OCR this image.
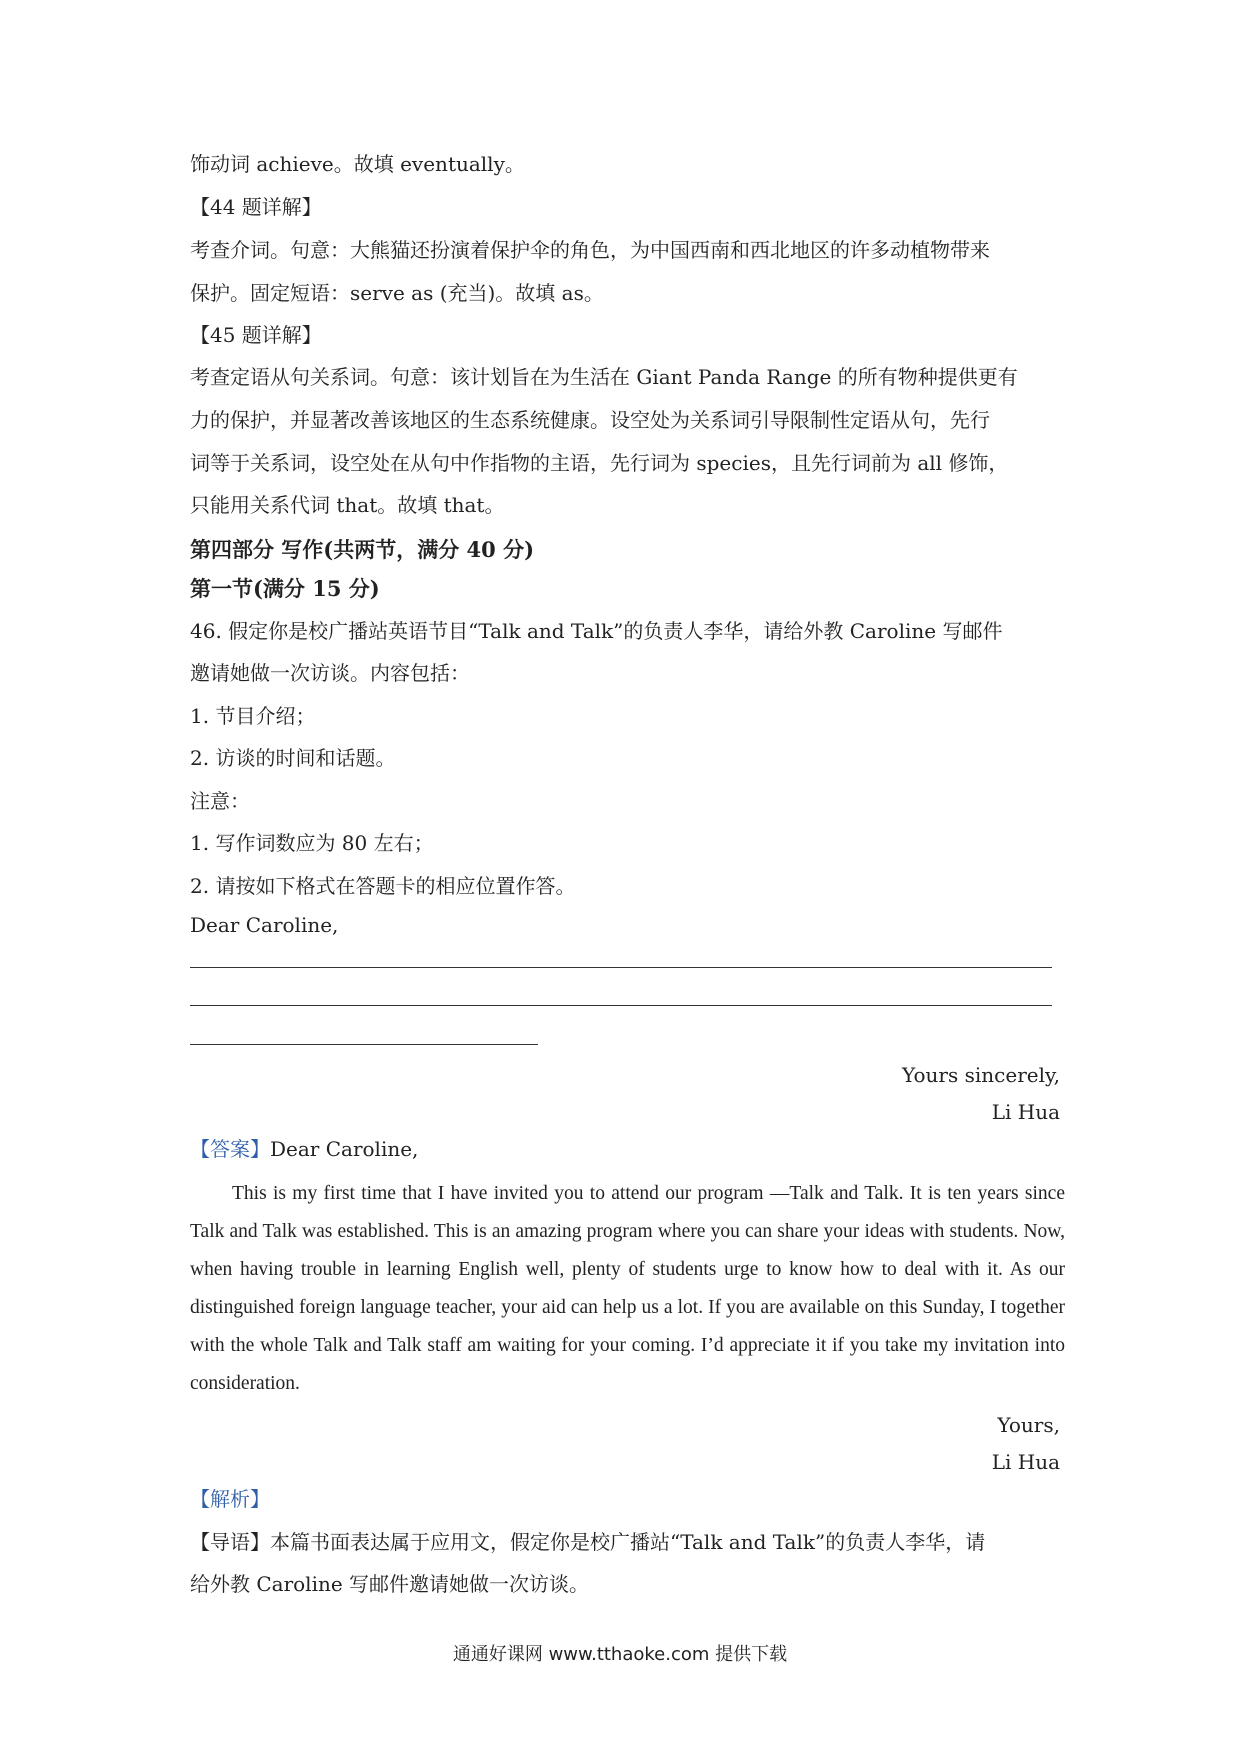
饰动词 achieve。故填 eventually。

【44 题详解】

考查介词。句意：大熊猫还扮演着保护伞的角色，为中国西南和西北地区的许多动植物带来

保护。固定短语：serve as (充当)。故填 as。

【45 题详解】

考查定语从句关系词。句意：该计划旨在为生活在 Giant Panda Range 的所有物种提供更有

力的保护，并显著改善该地区的生态系统健康。设空处为关系词引导限制性定语从句，先行

词等于关系词，设空处在从句中作指物的主语，先行词为 species，且先行词前为 all 修饰，

只能用关系代词 that。故填 that。

第四部分 写作(共两节，满分 40 分)

第一节(满分 15 分)

46. 假定你是校广播站英语节目“Talk and Talk”的负责人李华，请给外教 Caroline 写邮件

邀请她做一次访谈。内容包括：

1. 节目介绍；

2. 访谈的时间和话题。

注意：

1. 写作词数应为 80 左右；

2. 请按如下格式在答题卡的相应位置作答。

Dear Caroline,

Yours sincerely,

Li Hua

【答案】Dear Caroline,

This is my first time that I have invited you to attend our program —Talk and Talk. It is ten years since Talk and Talk was established. This is an amazing program where you can share your ideas with students. Now, when having trouble in learning English well, plenty of students urge to know how to deal with it. As our distinguished foreign language teacher, your aid can help us a lot. If you are available on this Sunday, I together with the whole Talk and Talk staff am waiting for your coming. I’d appreciate it if you take my invitation into consideration.

Yours,

Li Hua

【解析】

【导语】本篇书面表达属于应用文，假定你是校广播站“Talk and Talk”的负责人李华，请

给外教 Caroline 写邮件邀请她做一次访谈。

通通好课网 www.tthaoke.com 提供下载
